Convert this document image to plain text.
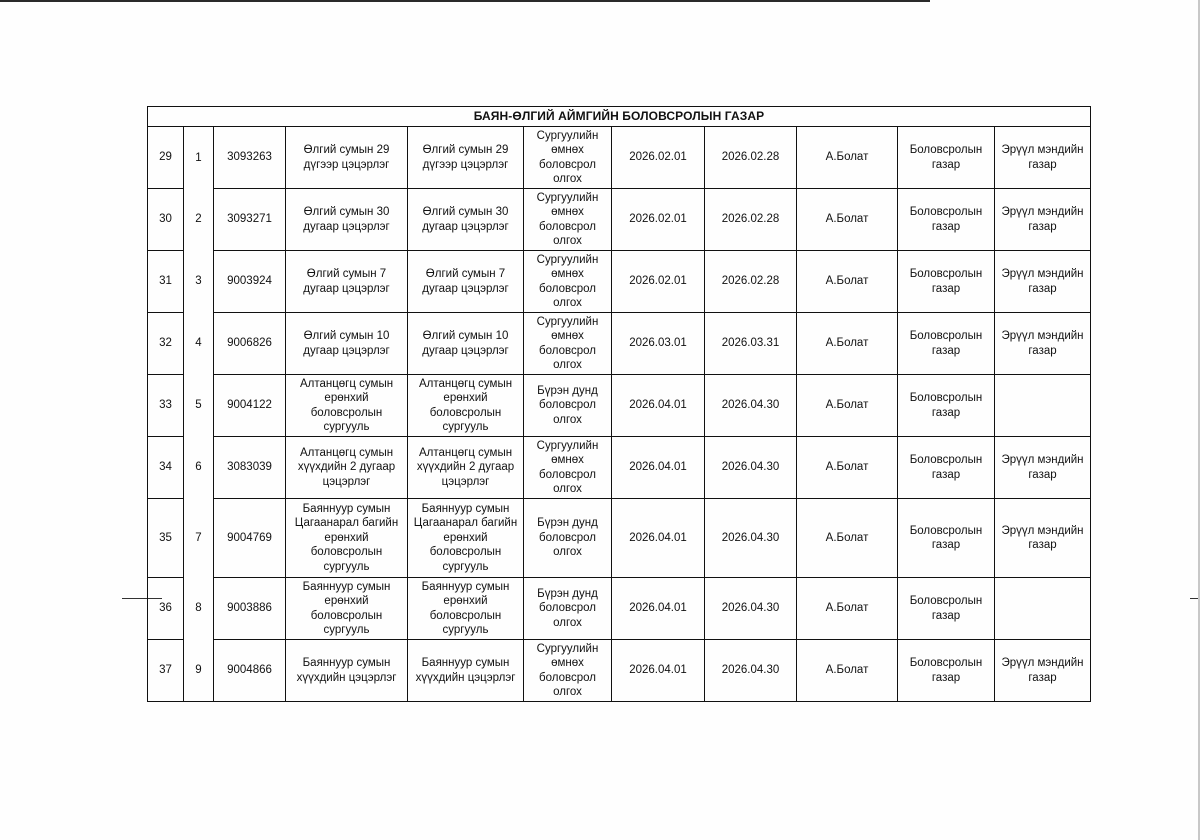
БАЯН-ӨЛГИЙ АЙМГИЙН БОЛОВСРОЛЫН ГАЗАР										
29	1	3093263	Өлгий сумын 29 дүгээр цэцэрлэг	Өлгий сумын 29 дүгээр цэцэрлэг	Сургуулийн өмнөх боловсрол олгох	2026.02.01	2026.02.28	А.Болат	Боловсролын газар	Эрүүл мэндийн газар
30	2	3093271	Өлгий сумын 30 дугаар цэцэрлэг	Өлгий сумын 30 дугаар цэцэрлэг	Сургуулийн өмнөх боловсрол олгох	2026.02.01	2026.02.28	А.Болат	Боловсролын газар	Эрүүл мэндийн газар
31	3	9003924	Өлгий сумын 7 дугаар цэцэрлэг	Өлгий сумын 7 дугаар цэцэрлэг	Сургуулийн өмнөх боловсрол олгох	2026.02.01	2026.02.28	А.Болат	Боловсролын газар	Эрүүл мэндийн газар
32	4	9006826	Өлгий сумын 10 дугаар цэцэрлэг	Өлгий сумын 10 дугаар цэцэрлэг	Сургуулийн өмнөх боловсрол олгох	2026.03.01	2026.03.31	А.Болат	Боловсролын газар	Эрүүл мэндийн газар
33	5	9004122	Алтанцөгц сумын ерөнхий боловсролын сургууль	Алтанцөгц сумын ерөнхий боловсролын сургууль	Бүрэн дунд боловсрол олгох	2026.04.01	2026.04.30	А.Болат	Боловсролын газар	
34	6	3083039	Алтанцөгц сумын хүүхдийн 2 дугаар цэцэрлэг	Алтанцөгц сумын хүүхдийн 2 дугаар цэцэрлэг	Сургуулийн өмнөх боловсрол олгох	2026.04.01	2026.04.30	А.Болат	Боловсролын газар	Эрүүл мэндийн газар
35	7	9004769	Баяннуур сумын Цагаанарал багийн ерөнхий боловсролын сургууль	Баяннуур сумын Цагаанарал багийн ерөнхий боловсролын сургууль	Бүрэн дунд боловсрол олгох	2026.04.01	2026.04.30	А.Болат	Боловсролын газар	Эрүүл мэндийн газар
36	8	9003886	Баяннуур сумын ерөнхий боловсролын сургууль	Баяннуур сумын ерөнхий боловсролын сургууль	Бүрэн дунд боловсрол олгох	2026.04.01	2026.04.30	А.Болат	Боловсролын газар	
37	9	9004866	Баяннуур сумын хүүхдийн цэцэрлэг	Баяннуур сумын хүүхдийн цэцэрлэг	Сургуулийн өмнөх боловсрол олгох	2026.04.01	2026.04.30	А.Болат	Боловсролын газар	Эрүүл мэндийн газар
